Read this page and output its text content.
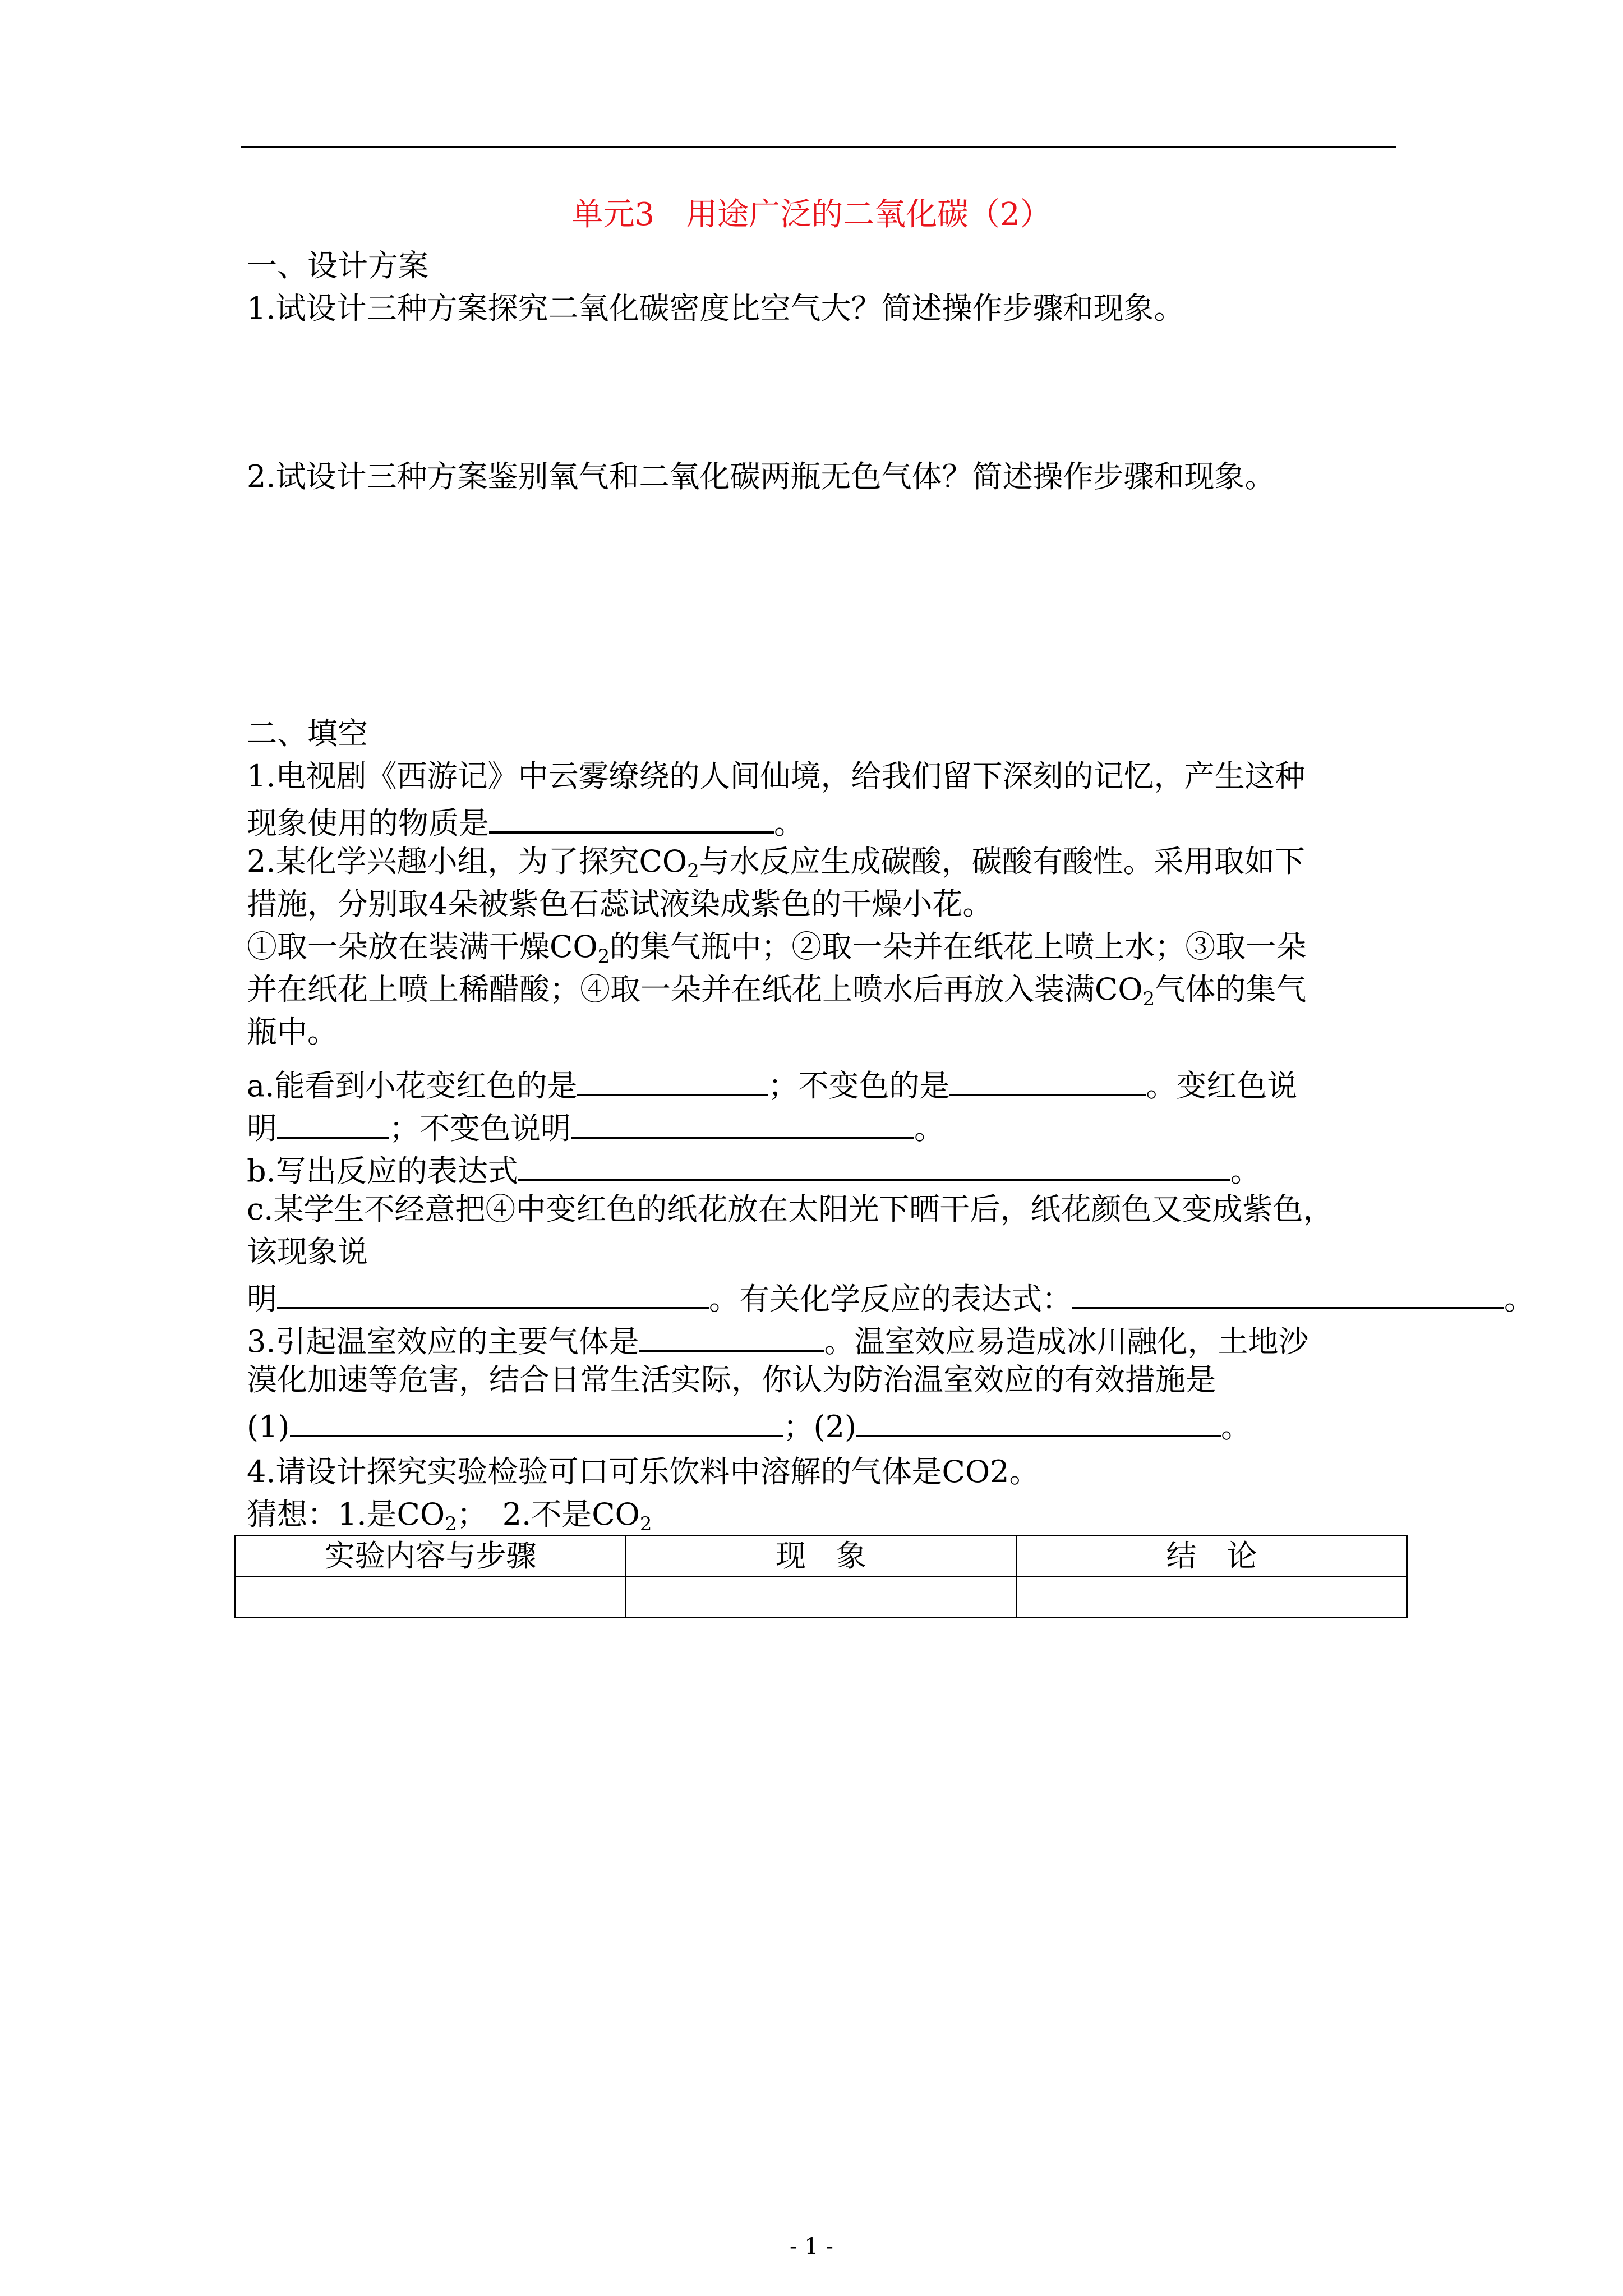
单元3　用途广泛的二氧化碳（2）
一、设计方案
1.试设计三种方案探究二氧化碳密度比空气大？简述操作步骤和现象。
2.试设计三种方案鉴别氧气和二氧化碳两瓶无色气体？简述操作步骤和现象。
二、填空
1.电视剧《西游记》中云雾缭绕的人间仙境，给我们留下深刻的记忆，产生这种
现象使用的物质是	。
2.某化学兴趣小组，为了探究$CO_2$与水反应生成碳酸，碳酸有酸性。采用取如下
措施，分别取4朵被紫色石蕊试液染成紫色的干燥小花。
①取一朵放在装满干燥$CO_2$的集气瓶中；②取一朵并在纸花上喷上水；③取一朵
并在纸花上喷上稀醋酸；④取一朵并在纸花上喷水后再放入装满$CO_2$气体的集气
瓶中。
a.能看到小花变红色的是	；不变色的是	。变红色说
明	；不变色说明	。
b.写出反应的表达式	。
c.某学生不经意把④中变红色的纸花放在太阳光下晒干后，纸花颜色又变成紫色，
该现象说
明	。有关化学反应的表达式：	。
3.引起温室效应的主要气体是	。温室效应易造成冰川融化，土地沙
漠化加速等危害，结合日常生活实际，你认为防治温室效应的有效措施是
(1)	；(2)	。
4.请设计探究实验检验可口可乐饮料中溶解的气体是CO2。
猜想：1.是$CO_2$；　2.不是$CO_2$
实验内容与步骤	现　象	结　论

- 1 -
